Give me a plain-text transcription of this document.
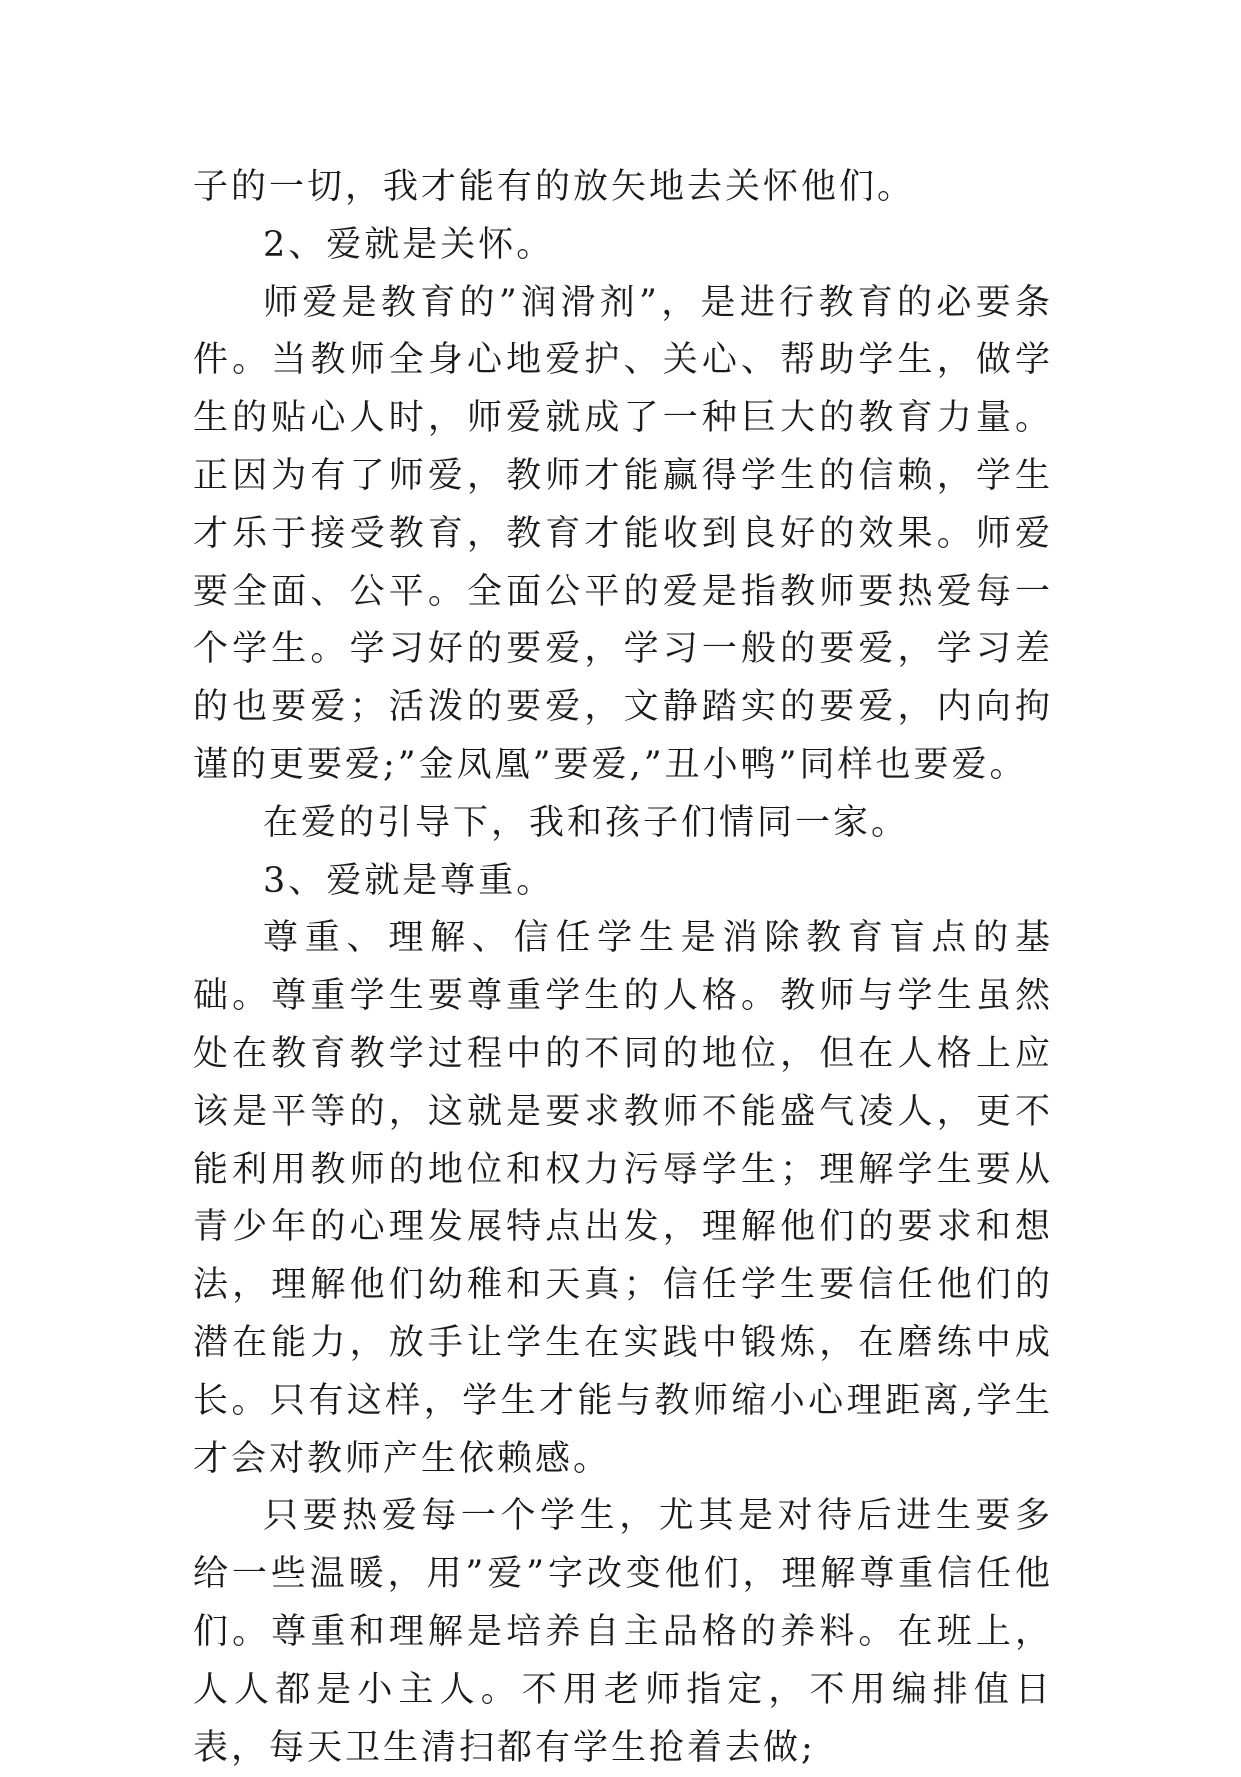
子的一切，我才能有的放矢地去关怀他们。

2、爱就是关怀。

师爱是教育的”润滑剂”，是进行教育的必要条件。当教师全身心地爱护、关心、帮助学生，做学生的贴心人时，师爱就成了一种巨大的教育力量。正因为有了师爱，教师才能赢得学生的信赖，学生才乐于接受教育，教育才能收到良好的效果。师爱要全面、公平。全面公平的爱是指教师要热爱每一个学生。学习好的要爱，学习一般的要爱，学习差的也要爱；活泼的要爱，文静踏实的要爱，内向拘谨的更要爱;”金凤凰”要爱,”丑小鸭”同样也要爱。

在爱的引导下，我和孩子们情同一家。

3、爱就是尊重。

尊重、理解、信任学生是消除教育盲点的基础。尊重学生要尊重学生的人格。教师与学生虽然处在教育教学过程中的不同的地位，但在人格上应该是平等的，这就是要求教师不能盛气凌人，更不能利用教师的地位和权力污辱学生；理解学生要从青少年的心理发展特点出发，理解他们的要求和想法，理解他们幼稚和天真；信任学生要信任他们的潜在能力，放手让学生在实践中锻炼，在磨练中成长。只有这样，学生才能与教师缩小心理距离,学生才会对教师产生依赖感。

只要热爱每一个学生，尤其是对待后进生要多给一些温暖，用”爱”字改变他们，理解尊重信任他们。尊重和理解是培养自主品格的养料。在班上，人人都是小主人。不用老师指定，不用编排值日表，每天卫生清扫都有学生抢着去做;
